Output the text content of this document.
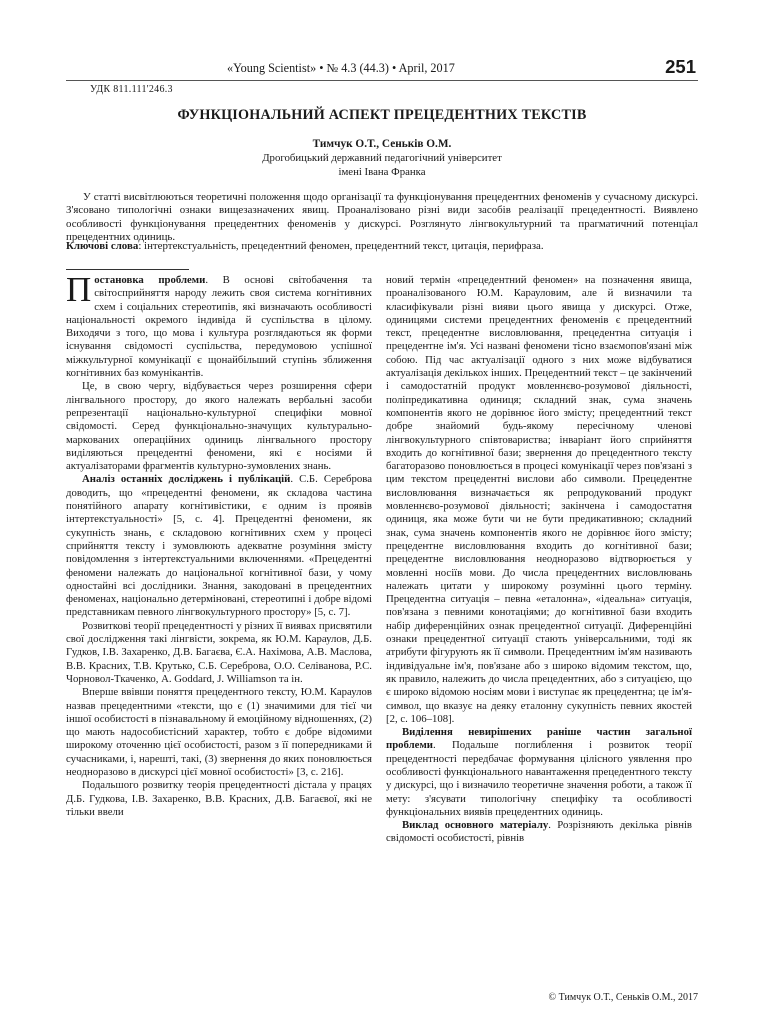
«Young Scientist» • № 4.3 (44.3) • April, 2017	251
УДК 811.111'246.3
ФУНКЦІОНАЛЬНИЙ АСПЕКТ ПРЕЦЕДЕНТНИХ ТЕКСТІВ
Тимчук О.Т., Сеньків О.М.
Дрогобицький державний педагогічний університет
імені Івана Франка
У статті висвітлюються теоретичні положення щодо організації та функціонування прецедентних феноменів у сучасному дискурсі. З'ясовано типологічні ознаки вищезазначених явищ. Проаналізовано різні види засобів реалізації прецедентності. Виявлено особливості функціонування прецедентних феноменів у дискурсі. Розглянуто лінгвокультурний та прагматичний потенціал прецедентних одиниць.
Ключові слова: інтертекстуальність, прецедентний феномен, прецедентний текст, цитація, перифраза.

Постановка проблеми. В основі світобачення та світосприйняття народу лежить своя система когнітивних схем і соціальних стереотипів, які визначають особливості національності окремого індивіда й суспільства в цілому. Виходячи з того, що мова і культура розглядаються як форми існування свідомості суспільства, передумовою успішної міжкультурної комунікації є щонайбільший ступінь зближення когнітивних баз комунікантів.

Це, в свою чергу, відбувається через розширення сфери лінгвального простору, до якого належать вербальні засоби репрезентації національно-культурної специфіки мовної свідомості. Серед функціонально-значущих культурально-маркованих операційних одиниць лінгвального простору виділяються прецедентні феномени, які є носіями й актуалізаторами фрагментів культурно-зумовлених знань.

Аналіз останніх досліджень і публікацій. С.Б. Сереброва доводить, що «прецедентні феномени, як складова частина понятійного апарату когнітивістики, є одним із проявів інтертекстуальності» [5, с. 4]. Прецедентні феномени, як сукупність знань, є складовою когнітивних схем у процесі сприйняття тексту і зумовлюють адекватне розуміння змісту повідомлення з інтертекстуальними включеннями. «Прецедентні феномени належать до національної когнітивної бази, у чому одностайні всі дослідники. Знання, закодовані в прецедентних феноменах, національно детерміновані, стереотипні і добре відомі представникам певного лінгвокультурного простору» [5, с. 7].

Розвиткові теорії прецедентності у різних її виявах присвятили свої дослідження такі лінгвісти, зокрема, як Ю.М. Караулов, Д.Б. Гудков, І.В. Захаренко, Д.В. Багаєва, Є.А. Нахімова, А.В. Маслова, В.В. Красних, Т.В. Крутько, С.Б. Сереброва, О.О. Селіванова, Р.С. Чорновол-Ткаченко, A. Goddard, J. Williamson та ін.

Вперше ввівши поняття прецедентного тексту, Ю.М. Караулов назвав прецедентними «тексти, що є (1) значимими для тієї чи іншої особистості в пізнавальному й емоційному відношеннях, (2) що мають надособистісний характер, тобто є добре відомими широкому оточенню цієї особистості, разом з її попередниками й сучасниками, і, нарешті, такі, (3) звернення до яких поновлюється неодноразово в дискурсі цієї мовної особистості» [3, с. 216].

Подальшого розвитку теорія прецедентності дістала у працях Д.Б. Гудкова, І.В. Захаренко, В.В. Красних, Д.В. Багаєвої, які не тільки ввели

новий термін «прецедентний феномен» на позначення явища, проаналізованого Ю.М. Карауловим, але й визначили та класифікували різні вияви цього явища у дискурсі. Отже, одиницями системи прецедентних феноменів є прецедентний текст, прецедентне висловлювання, прецедентна ситуація і прецедентне ім'я. Усі названі феномени тісно взаємопов'язані між собою. Під час актуалізації одного з них може відбуватися актуалізація декількох інших. Прецедентний текст – це закінчений і самодостатній продукт мовленнєво-розумової діяльності, поліпредикативна одиниця; складний знак, сума значень компонентів якого не дорівнює його змісту; прецедентний текст добре знайомий будь-якому пересічному членові лінгвокультурного співтовариства; інваріант його сприйняття входить до когнітивної бази; звернення до прецедентного тексту багаторазово поновлюється в процесі комунікації через пов'язані з цим текстом прецедентні вислови або символи. Прецедентне висловлювання визначається як репродукований продукт мовленнєво-розумової діяльності; закінчена і самодостатня одиниця, яка може бути чи не бути предикативною; складний знак, сума значень компонентів якого не дорівнює його змісту; прецедентне висловлювання входить до когнітивної бази; прецедентне висловлювання неодноразово відтворюється у мовленні носіїв мови. До числа прецедентних висловлювань належать цитати у широкому розумінні цього терміну. Прецедентна ситуація – певна «еталонна», «ідеальна» ситуація, пов'язана з певними конотаціями; до когнітивної бази входить набір диференційних ознак прецедентної ситуації. Диференційні ознаки прецедентної ситуації стають універсальними, тоді як атрибути фігурують як її символи. Прецедентним ім'ям називають індивідуальне ім'я, пов'язане або з широко відомим текстом, що, як правило, належить до числа прецедентних, або з ситуацією, що є широко відомою носіям мови і виступає як прецедентна; це ім'я-символ, що вказує на деяку еталонну сукупність певних якостей [2, с. 106–108].

Виділення невирішених раніше частин загальної проблеми. Подальше поглиблення і розвиток теорії прецедентності передбачає формування цілісного уявлення про особливості функціонального навантаження прецедентного тексту у дискурсі, що і визначило теоретичне значення роботи, а також її мету: з'ясувати типологічну специфіку та особливості функціональних виявів прецедентних одиниць.

Виклад основного матеріалу. Розрізняють декілька рівнів свідомості особистості, рівнів

© Тимчук О.Т., Сеньків О.М., 2017
